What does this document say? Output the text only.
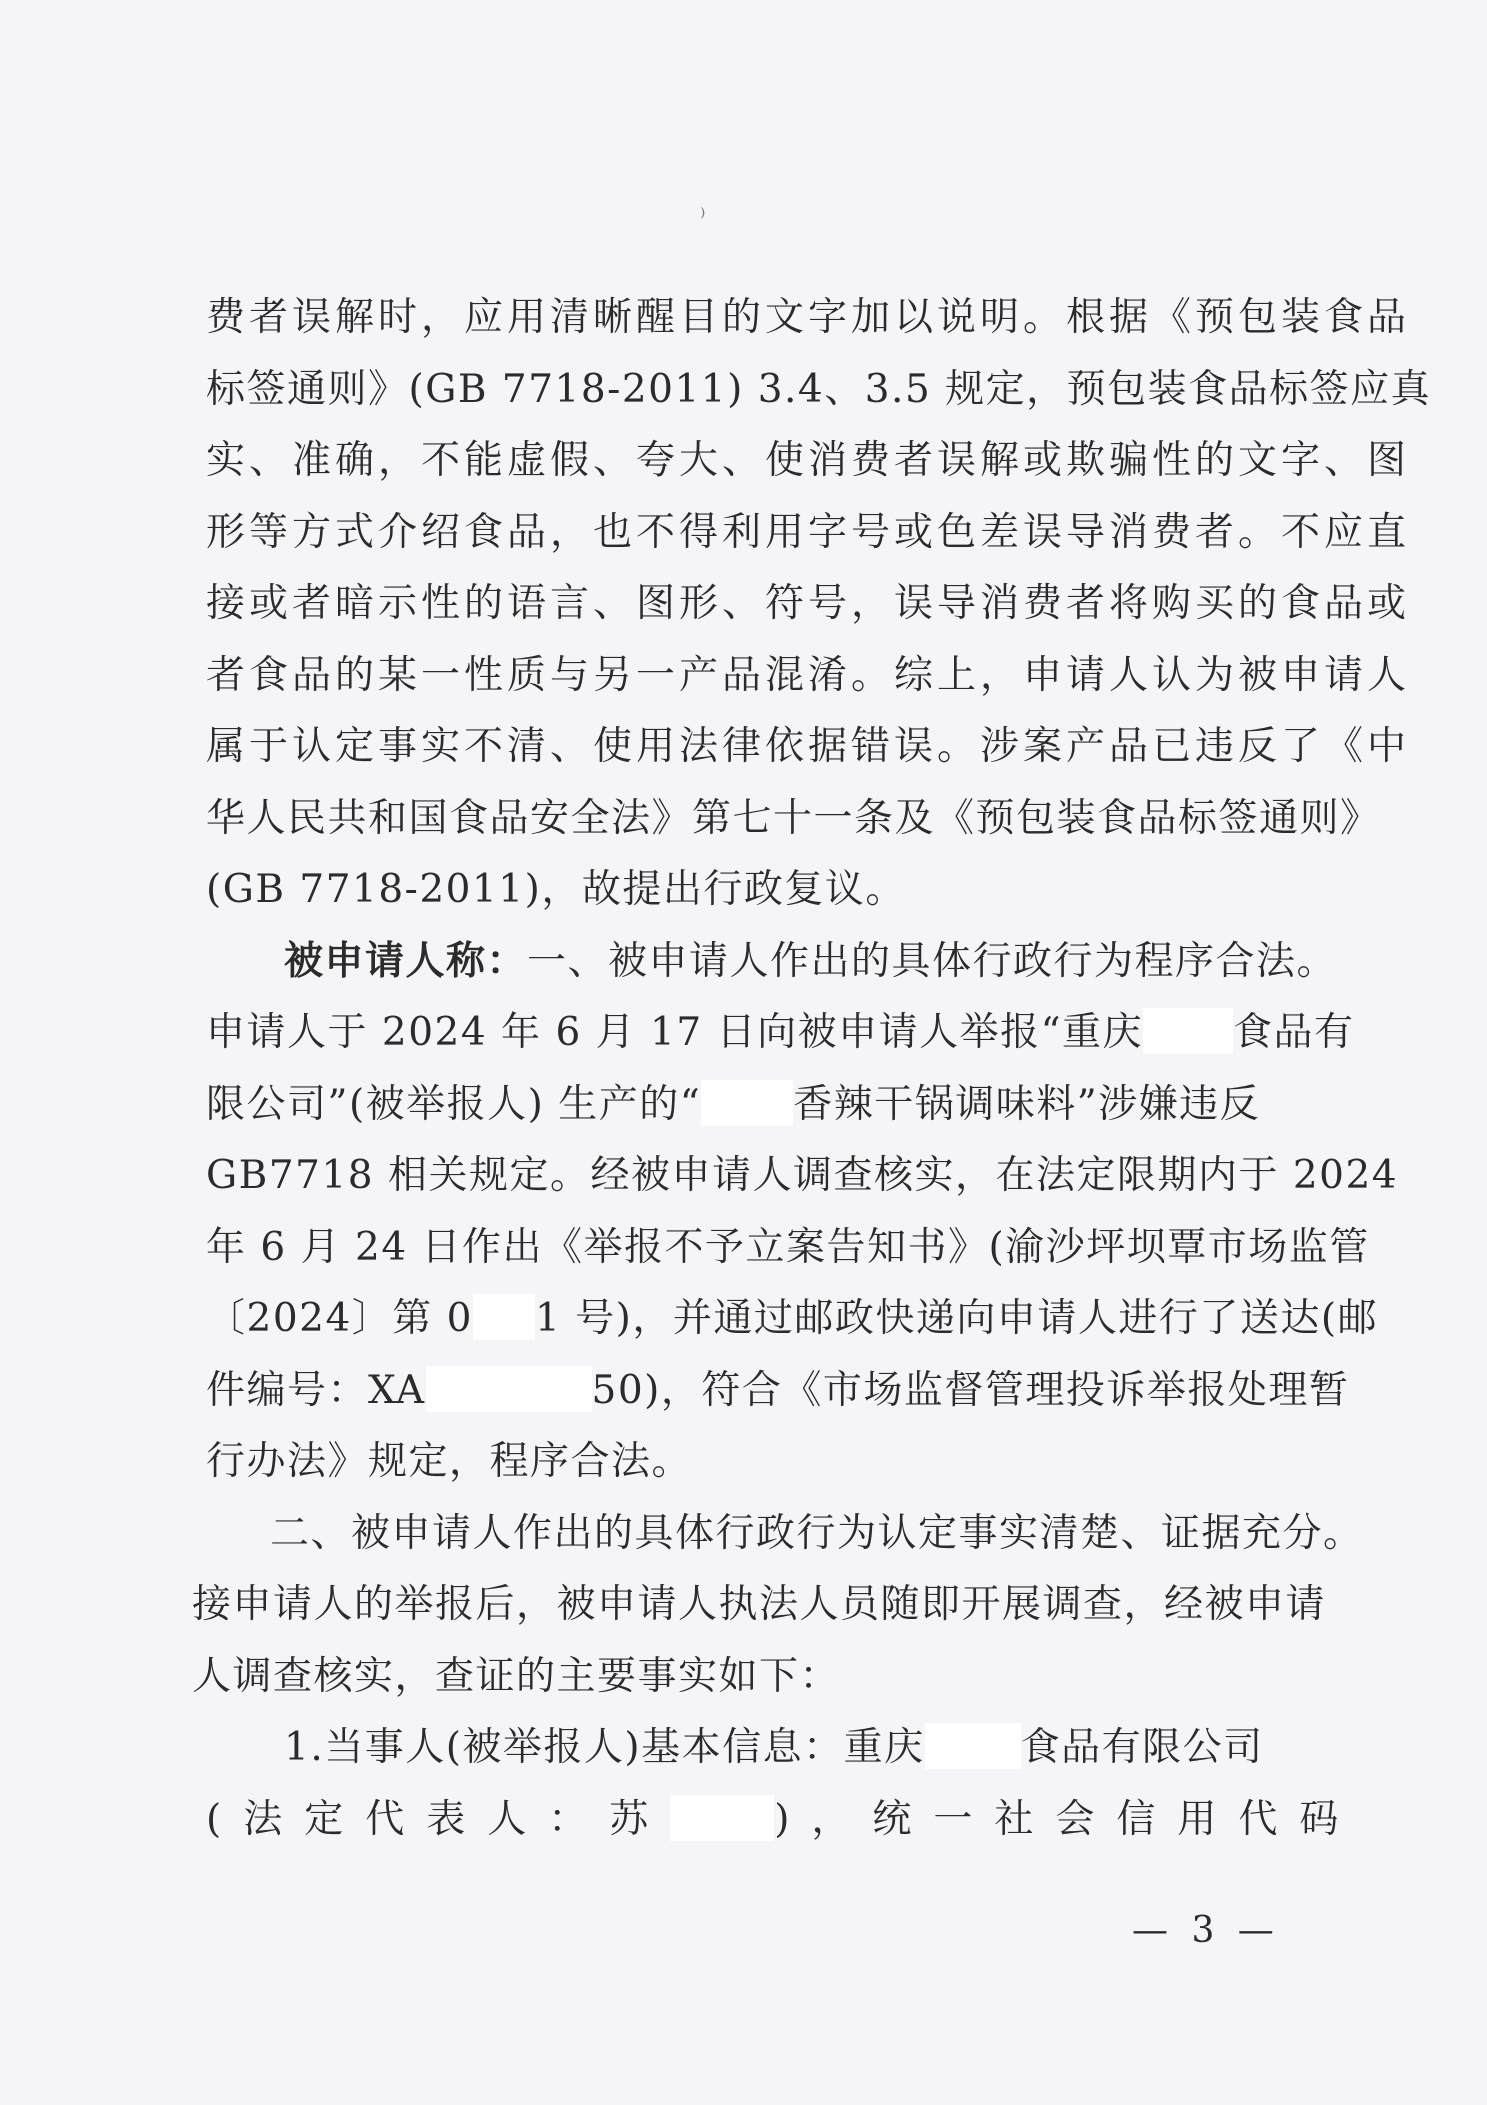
⁾
费者误解时，应用清晰醒目的文字加以说明。根据《预包装食品
标签通则》(GB 7718-2011) 3.4、3.5 规定，预包装食品标签应真
实、准确，不能虚假、夸大、使消费者误解或欺骗性的文字、图
形等方式介绍食品，也不得利用字号或色差误导消费者。不应直
接或者暗示性的语言、图形、符号，误导消费者将购买的食品或
者食品的某一性质与另一产品混淆。综上，申请人认为被申请人
属于认定事实不清、使用法律依据错误。涉案产品已违反了《中
华人民共和国食品安全法》第七十一条及《预包装食品标签通则》
(GB 7718-2011)，故提出行政复议。
被申请人称：一、被申请人作出的具体行政行为程序合法。
申请人于 2024 年 6 月 17 日向被申请人举报“重庆 食品有
限公司”(被举报人) 生产的“ 香辣干锅调味料”涉嫌违反
GB7718 相关规定。经被申请人调查核实，在法定限期内于 2024
年 6 月 24 日作出《举报不予立案告知书》(渝沙坪坝覃市场监管
〔2024〕第 0 1 号)，并通过邮政快递向申请人进行了送达(邮
件编号：XA	50)，符合《市场监督管理投诉举报处理暂
行办法》规定，程序合法。
二、被申请人作出的具体行政行为认定事实清楚、证据充分。
接申请人的举报后，被申请人执法人员随即开展调查，经被申请
人调查核实，查证的主要事实如下：
1.当事人(被举报人)基本信息：重庆 食品有限公司
(法定代表人：苏	)，统一社会信用代码
— 3 —
